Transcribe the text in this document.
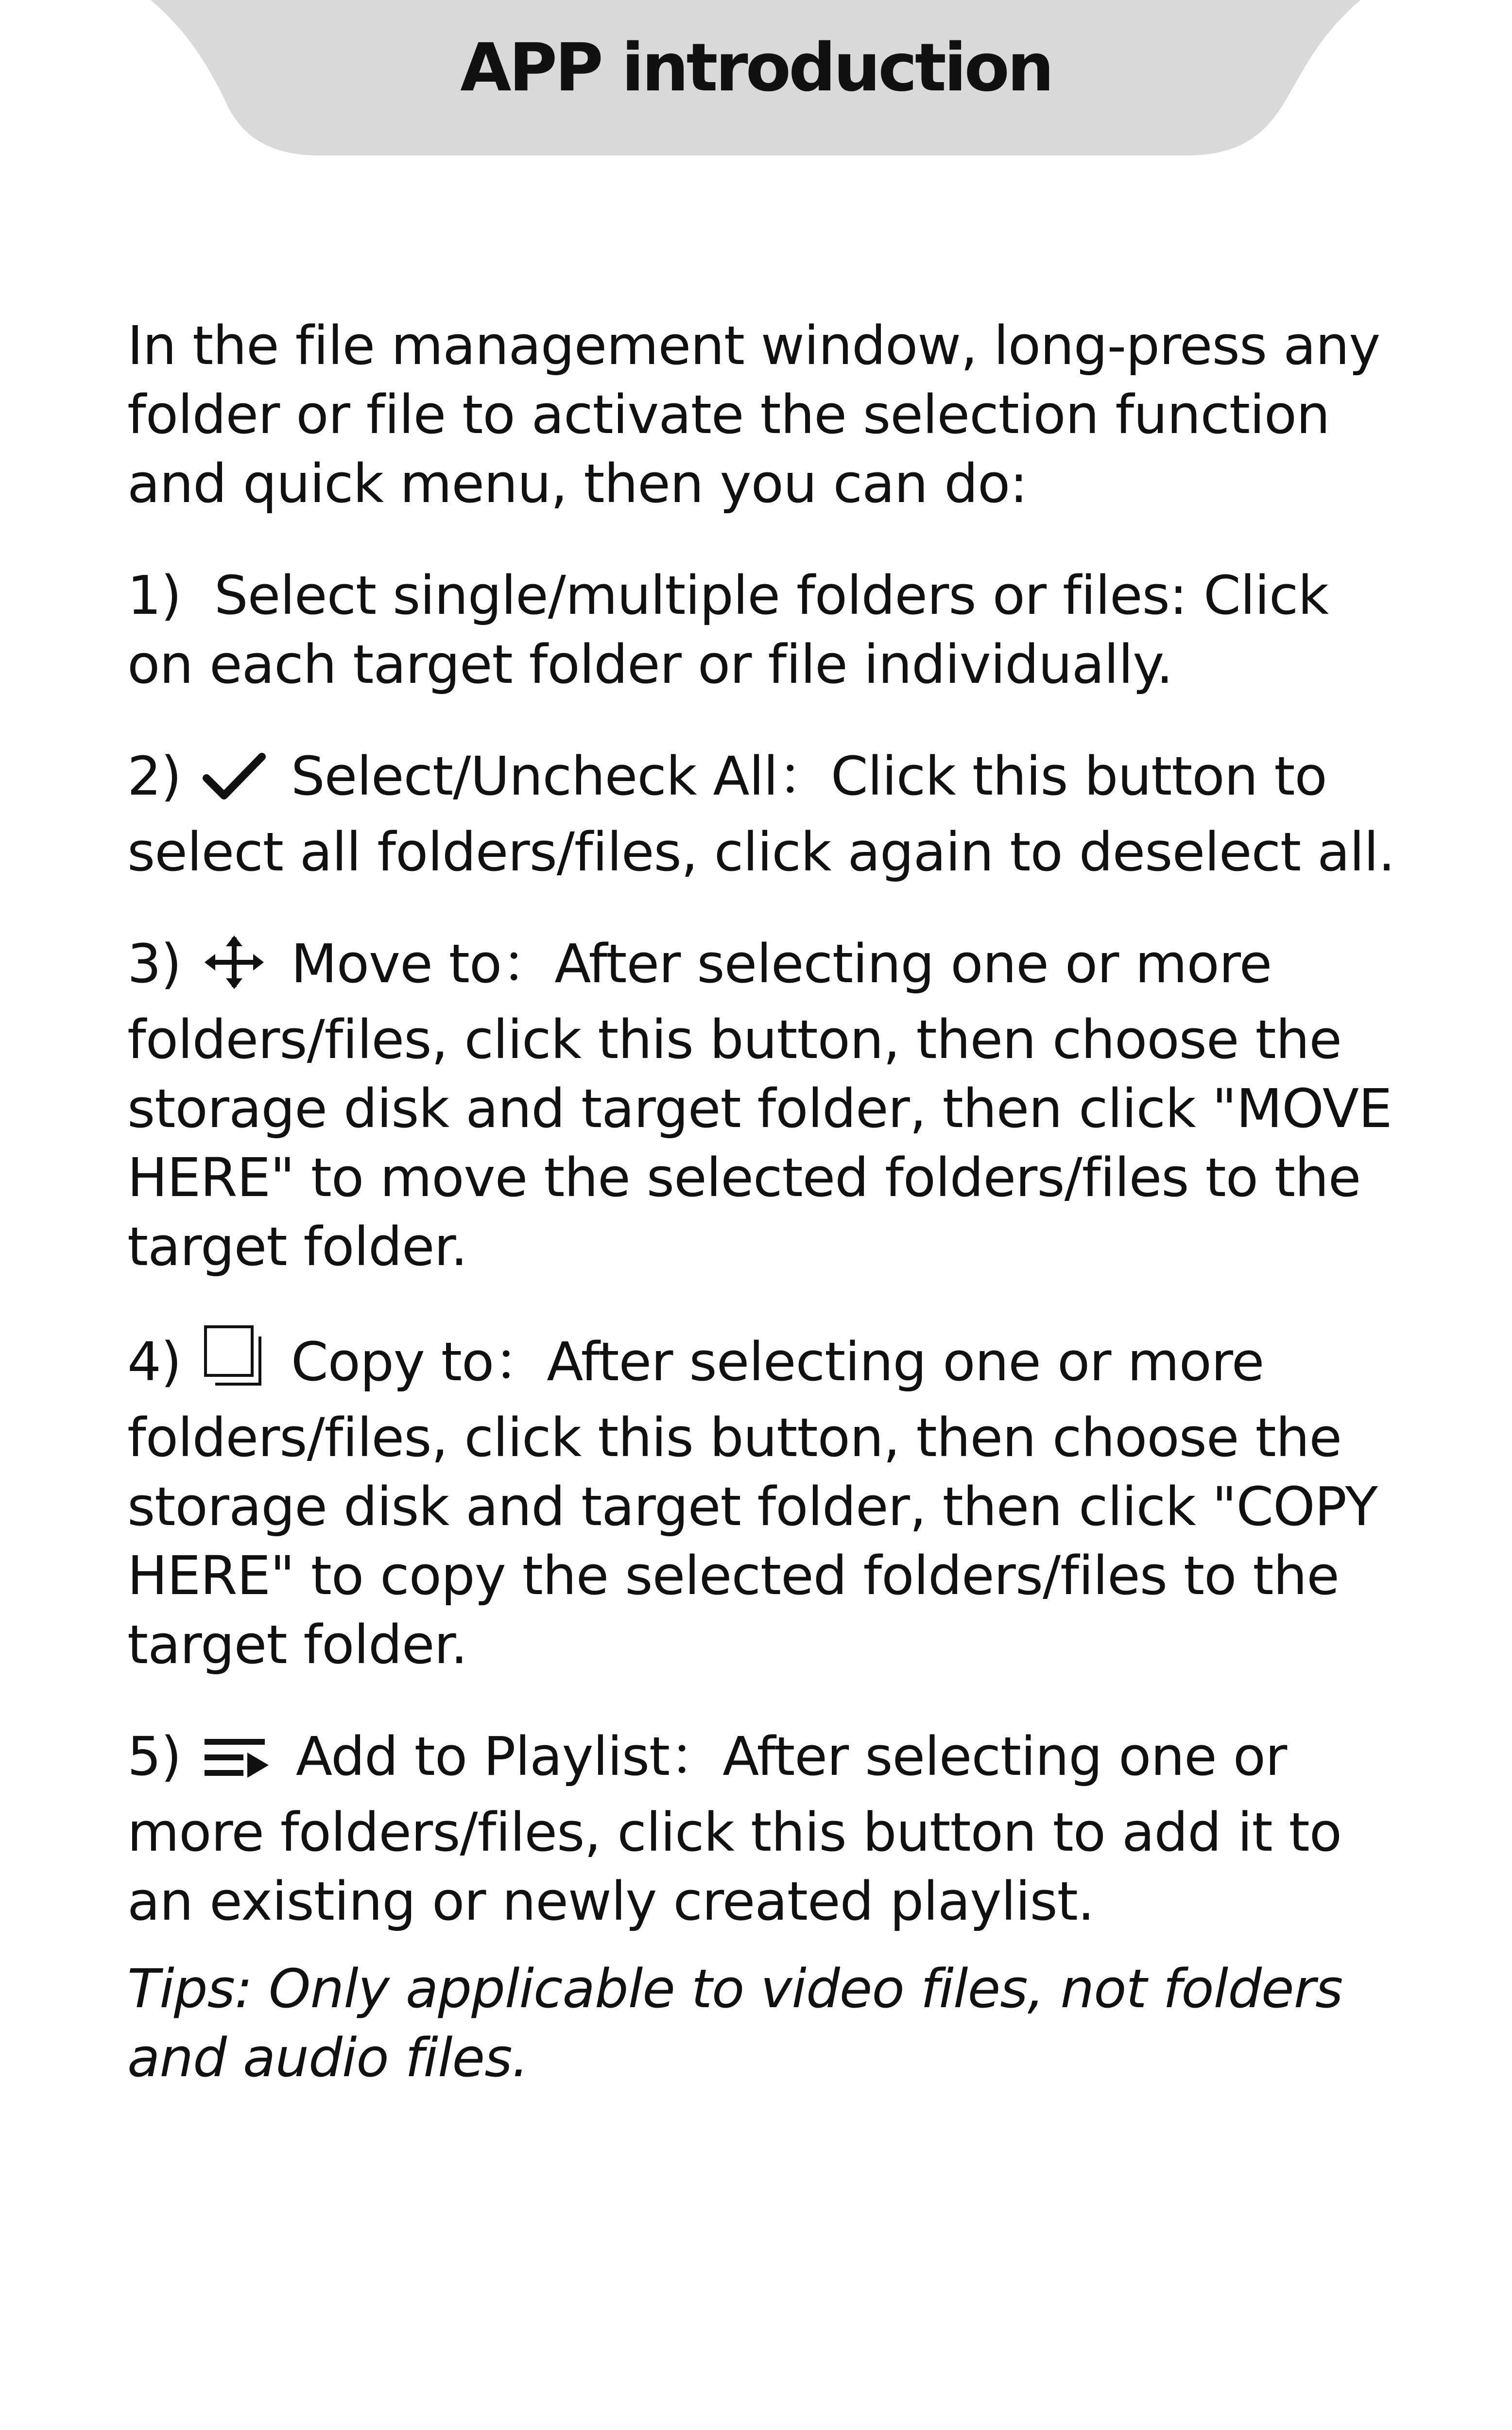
APP introduction

In the file management window, long-press any folder or file to activate the selection function and quick menu, then you can do:

1) Select single/multiple folders or files: Click on each target folder or file individually.

2) Select/Uncheck All：Click this button to select all folders/files, click again to deselect all.

3) Move to：After selecting one or more folders/files, click this button, then choose the storage disk and target folder, then click "MOVE HERE" to move the selected folders/files to the target folder.

4) Copy to：After selecting one or more folders/files, click this button, then choose the storage disk and target folder, then click "COPY HERE" to copy the selected folders/files to the target folder.

5) Add to Playlist：After selecting one or more folders/files, click this button to add it to an existing or newly created playlist.

Tips: Only applicable to video files, not folders and audio files.
